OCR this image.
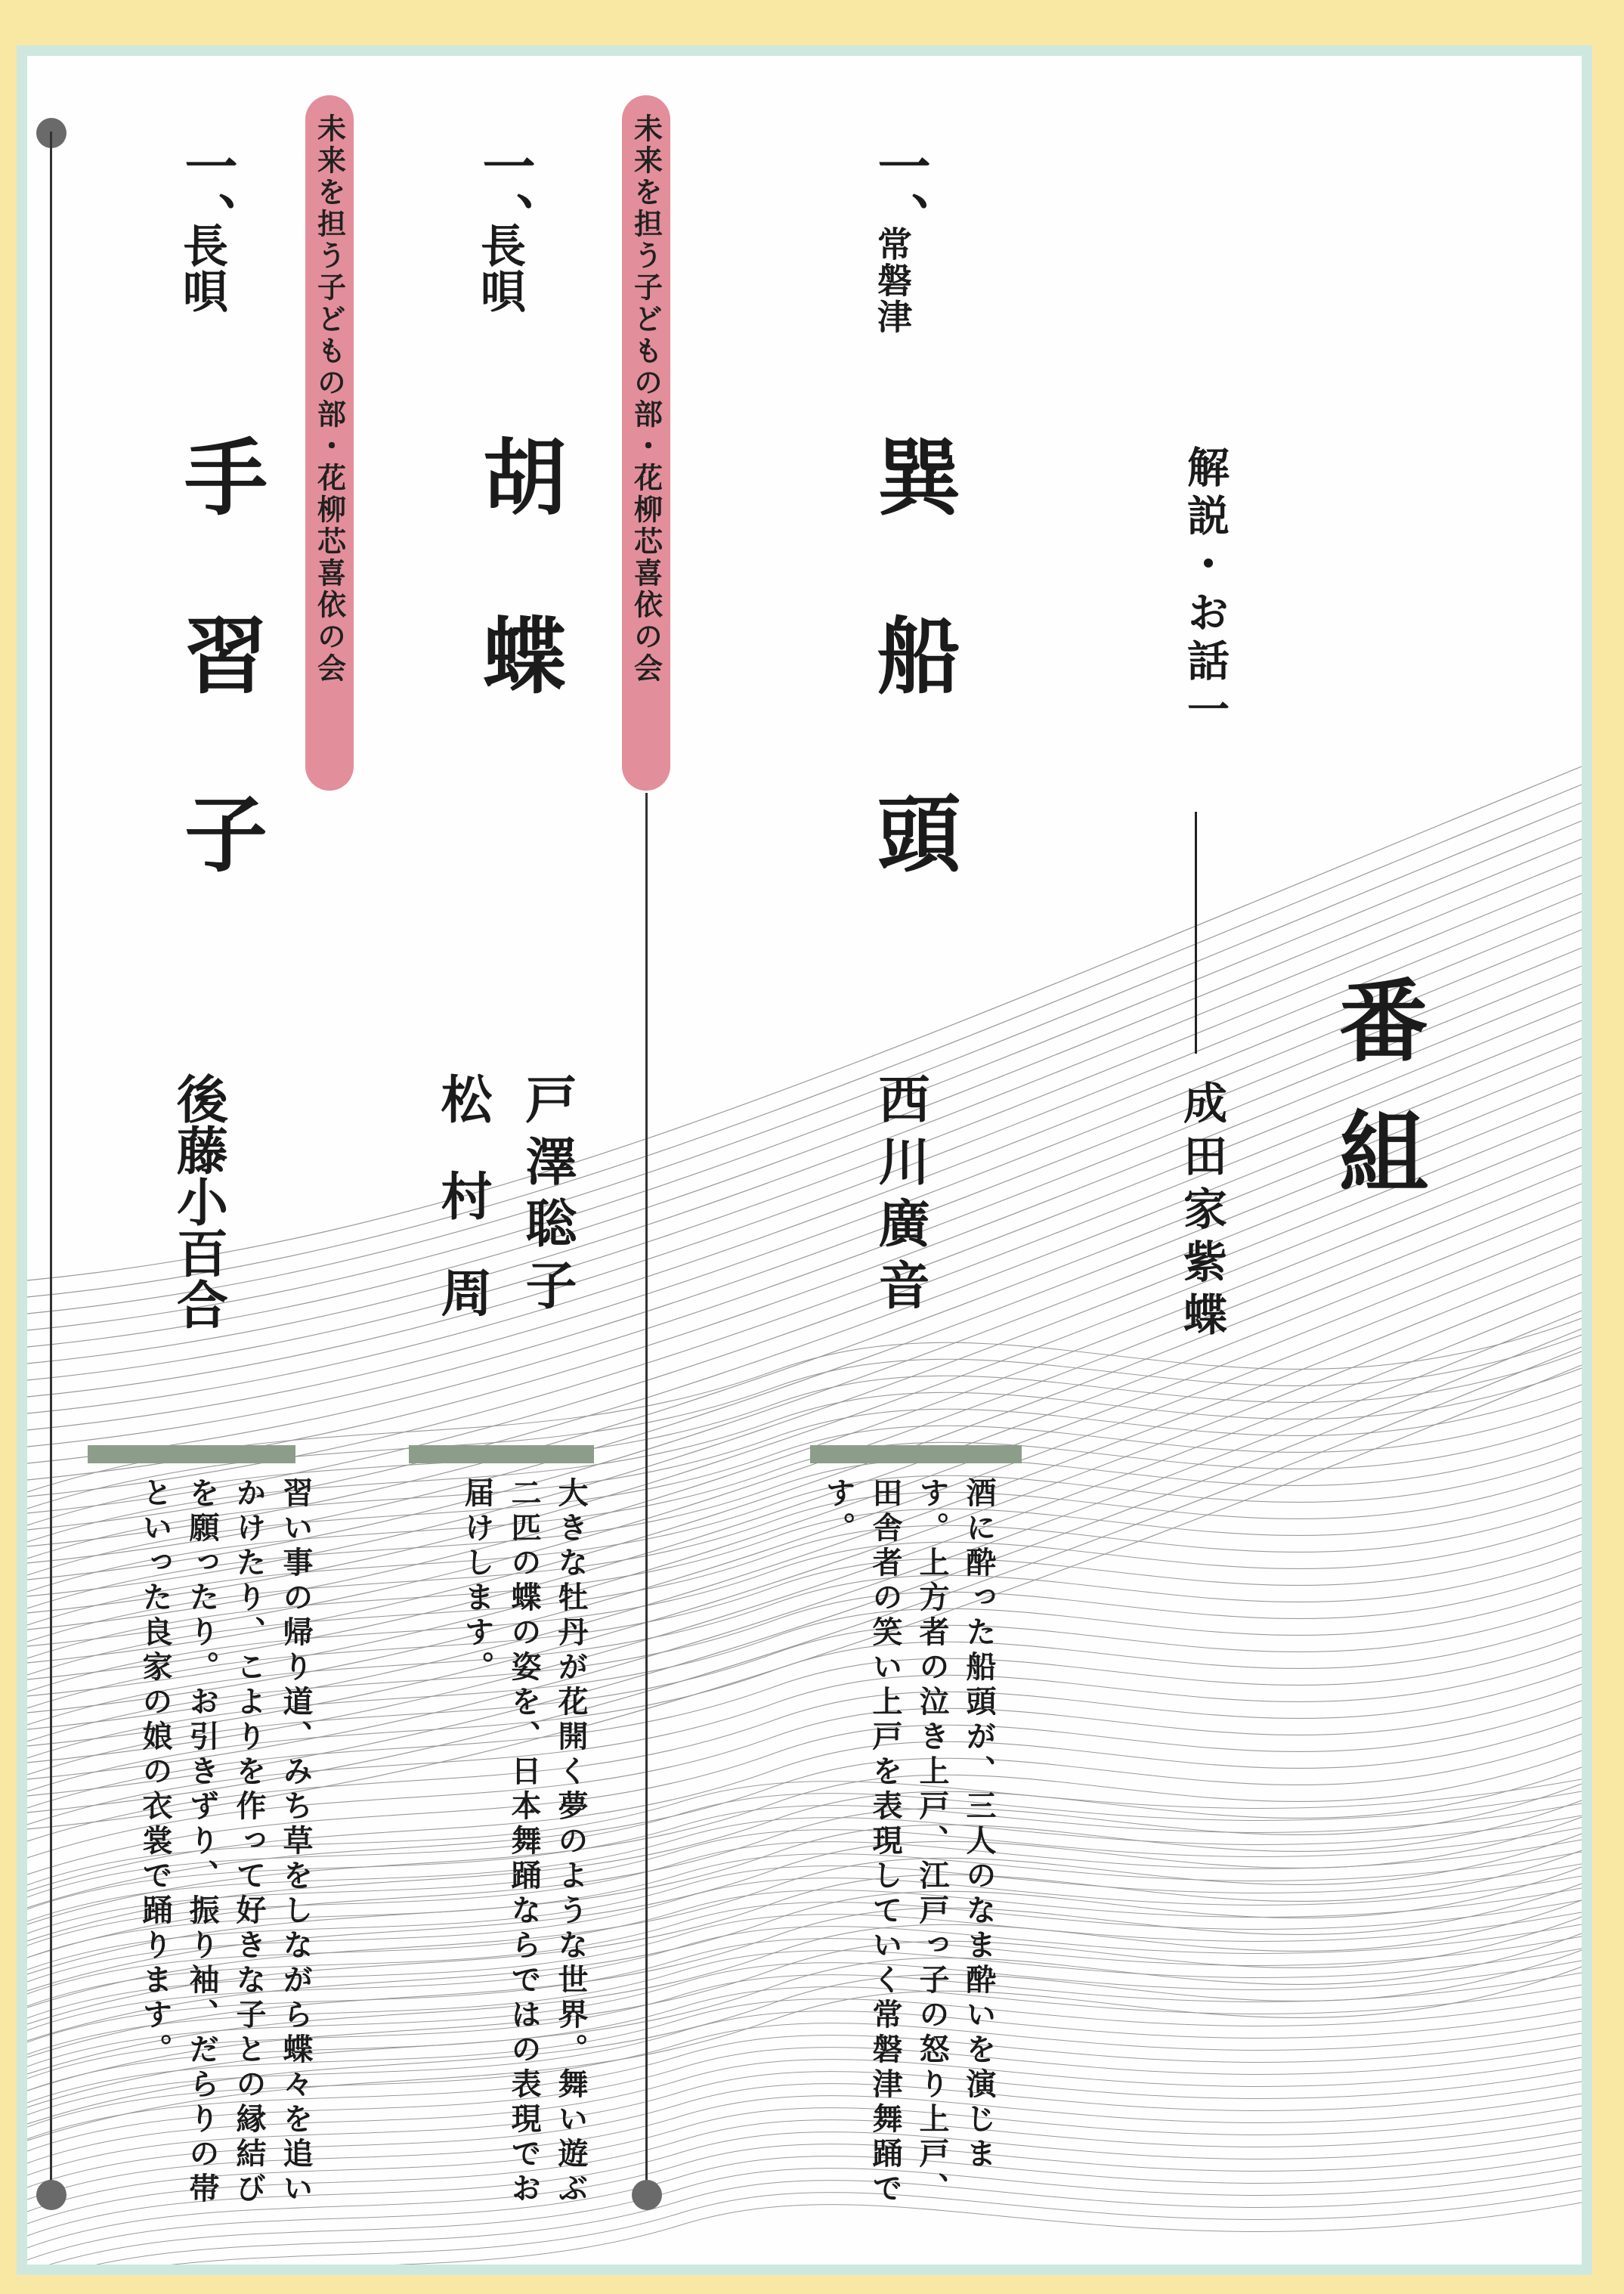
番組
解説・お話一
成田家紫蝶
一、
常磐津
巽船頭
西川廣音
酒に酔った船頭が、三人のなま酔いを演じます。上方者の泣き上戸、江戸っ子の怒り上戸、田舎者の笑い上戸を表現していく常磐津舞踊です。
未来を担う子どもの部・花柳芯喜依の会
一、
長唄
胡蝶
戸澤聡子
松村周
大きな牡丹が花開く夢のような世界。舞い遊ぶ二匹の蝶の姿を、日本舞踊ならではの表現でお届けします。
未来を担う子どもの部・花柳芯喜依の会
一、
長唄
手習子
後藤小百合
習い事の帰り道、みち草をしながら蝶々を追いかけたり、こよりを作って好きな子との縁結びを願ったり。お引きずり、振り袖、だらりの帯といった良家の娘の衣裳で踊ります。
